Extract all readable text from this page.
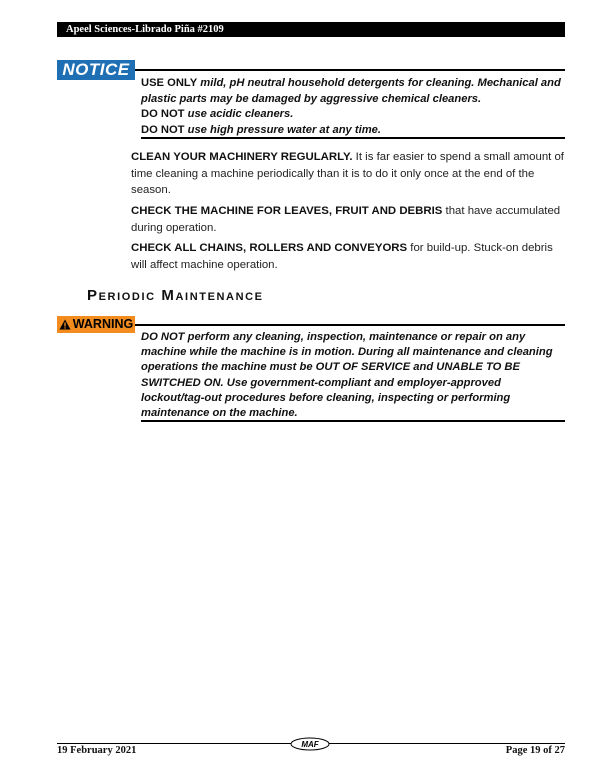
Apeel Sciences-Librado Piña #2109
NOTICE
USE ONLY mild, pH neutral household detergents for cleaning. Mechanical and plastic parts may be damaged by aggressive chemical cleaners.
DO NOT use acidic cleaners.
DO NOT use high pressure water at any time.
CLEAN YOUR MACHINERY REGULARLY. It is far easier to spend a small amount of time cleaning a machine periodically than it is to do it only once at the end of the season.
CHECK THE MACHINE FOR LEAVES, FRUIT AND DEBRIS that have accumulated during operation.
CHECK ALL CHAINS, ROLLERS AND CONVEYORS for build-up. Stuck-on debris will affect machine operation.
Periodic Maintenance
WARNING
DO NOT perform any cleaning, inspection, maintenance or repair on any machine while the machine is in motion. During all maintenance and cleaning operations the machine must be OUT OF SERVICE and UNABLE TO BE SWITCHED ON. Use government-compliant and employer-approved lockout/tag-out procedures before cleaning, inspecting or performing maintenance on the machine.
19 February 2021
MAF
Page 19 of 27
